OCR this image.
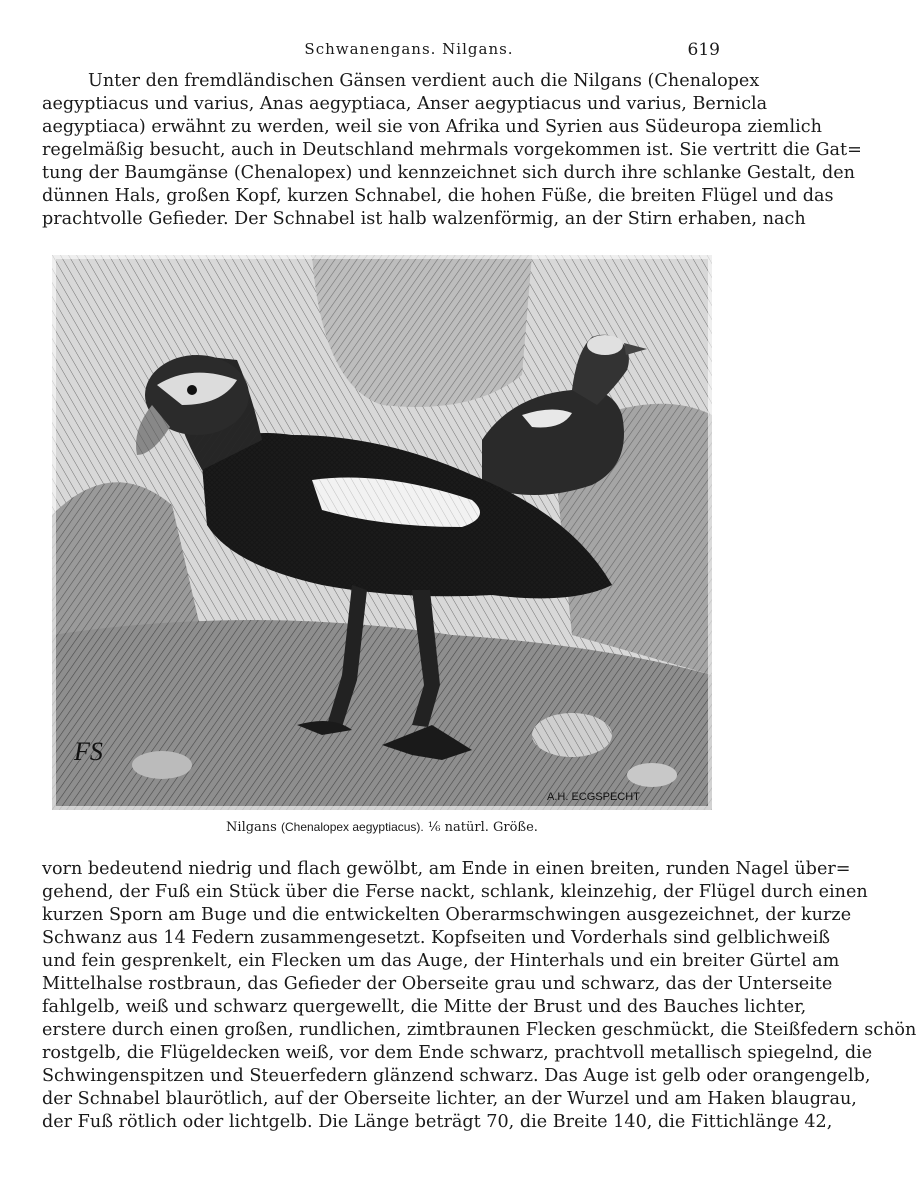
Schwanengans. Nilgans.	619
Unter den fremdländischen Gänsen verdient auch die Nilgans (Chenalopex
aegyptiacus und varius, Anas aegyptiaca, Anser aegyptiacus und varius, Bernicla
aegyptiaca) erwähnt zu werden, weil sie von Afrika und Syrien aus Südeuropa ziemlich
regelmäßig besucht, auch in Deutschland mehrmals vorgekommen ist. Sie vertritt die Gat=
tung der Baumgänse (Chenalopex) und kennzeichnet sich durch ihre schlanke Gestalt, den
dünnen Hals, großen Kopf, kurzen Schnabel, die hohen Füße, die breiten Flügel und das
prachtvolle Gefieder. Der Schnabel ist halb walzenförmig, an der Stirn erhaben, nach
FS
A.H. ECGSPECHT
Nilgans (Chenalopex aegyptiacus). ¹⁄₆ natürl. Größe.
vorn bedeutend niedrig und flach gewölbt, am Ende in einen breiten, runden Nagel über=
gehend, der Fuß ein Stück über die Ferse nackt, schlank, kleinzehig, der Flügel durch einen
kurzen Sporn am Buge und die entwickelten Oberarmschwingen ausgezeichnet, der kurze
Schwanz aus 14 Federn zusammengesetzt. Kopfseiten und Vorderhals sind gelblichweiß
und fein gesprenkelt, ein Flecken um das Auge, der Hinterhals und ein breiter Gürtel am
Mittelhalse rostbraun, das Gefieder der Oberseite grau und schwarz, das der Unterseite
fahlgelb, weiß und schwarz quergewellt, die Mitte der Brust und des Bauches lichter,
erstere durch einen großen, rundlichen, zimtbraunen Flecken geschmückt, die Steißfedern schön
rostgelb, die Flügeldecken weiß, vor dem Ende schwarz, prachtvoll metallisch spiegelnd, die
Schwingenspitzen und Steuerfedern glänzend schwarz. Das Auge ist gelb oder orangengelb,
der Schnabel blaurötlich, auf der Oberseite lichter, an der Wurzel und am Haken blaugrau,
der Fuß rötlich oder lichtgelb. Die Länge beträgt 70, die Breite 140, die Fittichlänge 42,
